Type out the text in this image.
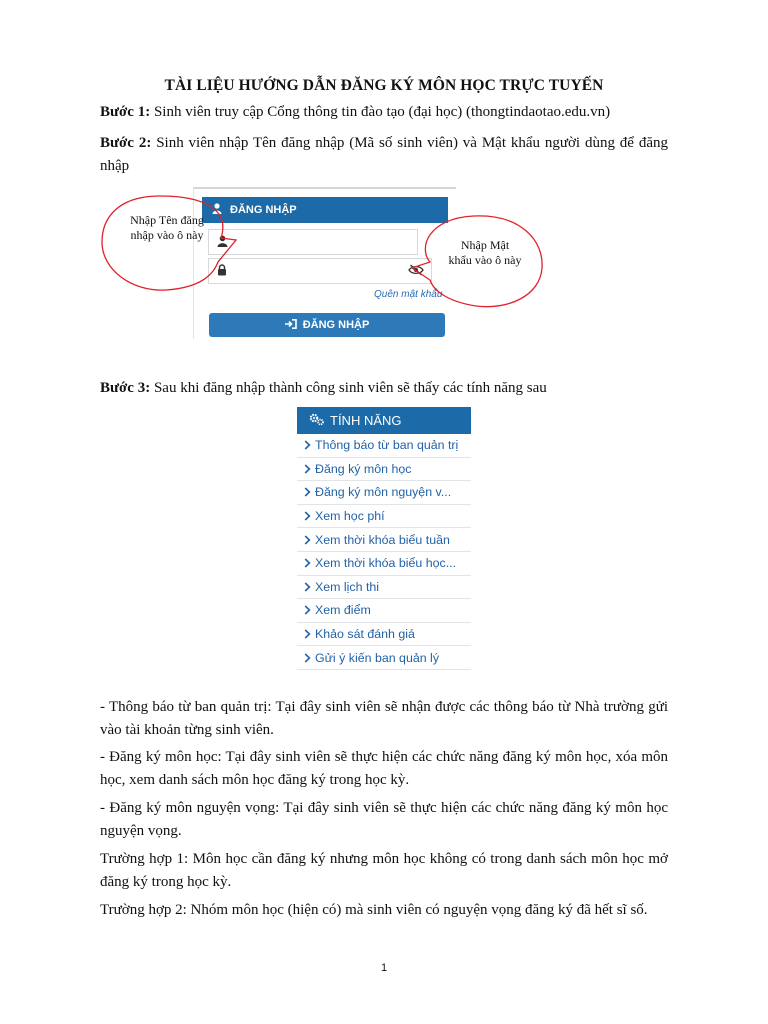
TÀI LIỆU HƯỚNG DẪN ĐĂNG KÝ MÔN HỌC TRỰC TUYẾN
Bước 1: Sinh viên truy cập Cổng thông tin đào tạo (đại học) (thongtindaotao.edu.vn)
Bước 2: Sinh viên nhập Tên đăng nhập (Mã số sinh viên) và Mật khẩu người dùng để đăng nhập
ĐĂNG NHẬP
Quên mật khẩu
ĐĂNG NHẬP
Nhập Tên đăng nhập vào ô này
Nhập Mật khẩu vào ô này
Bước 3: Sau khi đăng nhập thành công sinh viên sẽ thấy các tính năng sau
TÍNH NĂNG
Thông báo từ ban quản trị
Đăng ký môn học
Đăng ký môn nguyện v...
Xem học phí
Xem thời khóa biểu tuần
Xem thời khóa biểu học...
Xem lịch thi
Xem điểm
Khảo sát đánh giá
Gửi ý kiến ban quản lý
- Thông báo từ ban quản trị: Tại đây sinh viên sẽ nhận được các thông báo từ Nhà trường gửi vào tài khoản từng sinh viên.
- Đăng ký môn học: Tại đây sinh viên sẽ thực hiện các chức năng đăng ký môn học, xóa môn học, xem danh sách môn học đăng ký trong học kỳ.
- Đăng ký môn nguyện vọng: Tại đây sinh viên sẽ thực hiện các chức năng đăng ký môn học nguyện vọng.
Trường hợp 1: Môn học cần đăng ký nhưng môn học không có trong danh sách môn học mở đăng ký trong học kỳ.
Trường hợp 2: Nhóm môn học (hiện có) mà sinh viên có nguyện vọng đăng ký đã hết sĩ số.
1
